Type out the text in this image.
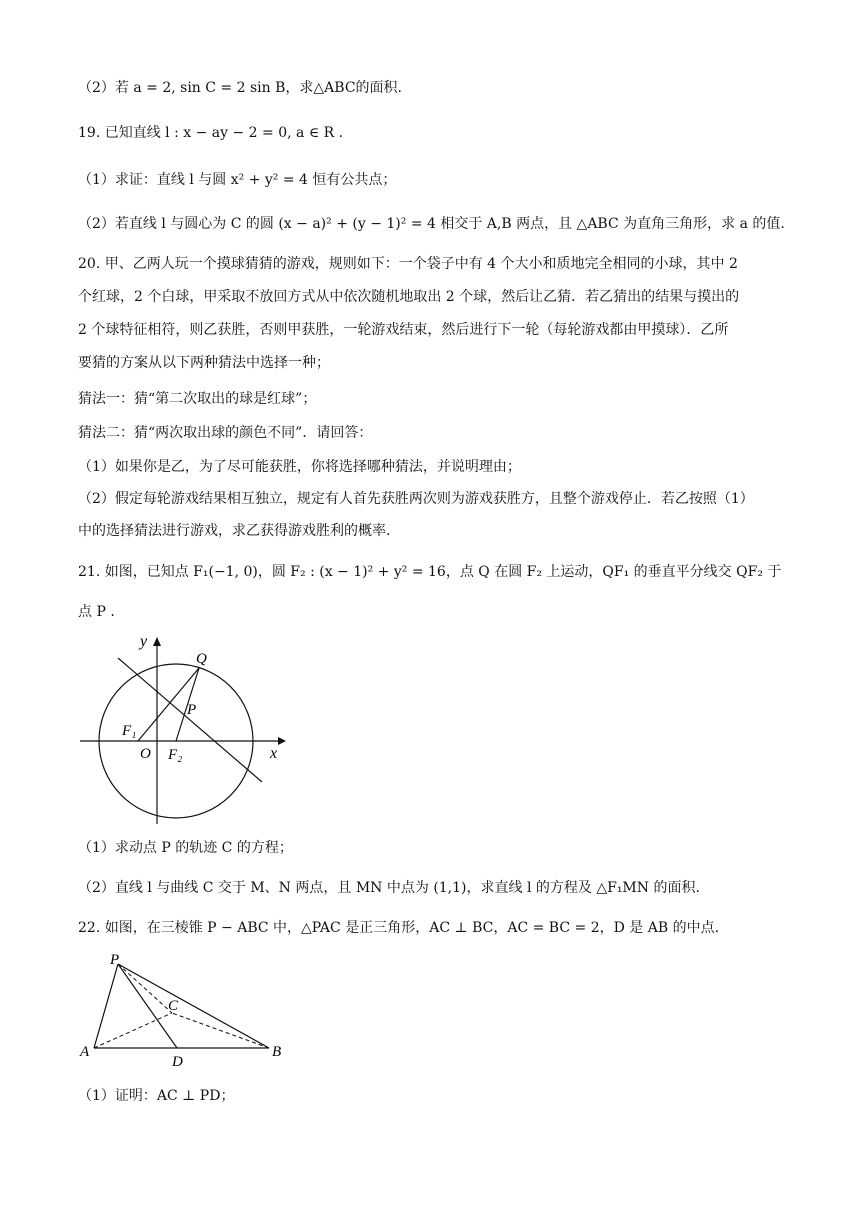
（2）若 a = 2, sin C = 2 sin B，求△ABC的面积.
19. 已知直线 l : x − ay − 2 = 0, a ∈ R .
（1）求证：直线 l 与圆 x² + y² = 4 恒有公共点；
（2）若直线 l 与圆心为 C 的圆 (x − a)² + (y − 1)² = 4 相交于 A,B 两点，且 △ABC 为直角三角形，求 a 的值.
20. 甲、乙两人玩一个摸球猜猜的游戏，规则如下：一个袋子中有 4 个大小和质地完全相同的小球，其中 2
个红球，2 个白球，甲采取不放回方式从中依次随机地取出 2 个球，然后让乙猜．若乙猜出的结果与摸出的
2 个球特征相符，则乙获胜，否则甲获胜，一轮游戏结束，然后进行下一轮（每轮游戏都由甲摸球）．乙所
要猜的方案从以下两种猜法中选择一种；
猜法一：猜“第二次取出的球是红球”；
猜法二：猜“两次取出球的颜色不同”．请回答：
（1）如果你是乙，为了尽可能获胜，你将选择哪种猜法，并说明理由；
（2）假定每轮游戏结果相互独立，规定有人首先获胜两次则为游戏获胜方，且整个游戏停止．若乙按照（1）
中的选择猜法进行游戏，求乙获得游戏胜利的概率.
21. 如图，已知点 F₁(−1, 0)，圆 F₂ : (x − 1)² + y² = 16，点 Q 在圆 F₂ 上运动，QF₁ 的垂直平分线交 QF₂ 于
点 P .
y
x
O
F₁
F₂
P
Q
（1）求动点 P 的轨迹 C 的方程；
（2）直线 l 与曲线 C 交于 M、N 两点，且 MN 中点为 (1,1)，求直线 l 的方程及 △F₁MN 的面积.
22. 如图，在三棱锥 P − ABC 中，△PAC 是正三角形，AC ⊥ BC，AC = BC = 2，D 是 AB 的中点.
P
A	B
C
D
（1）证明：AC ⊥ PD；
